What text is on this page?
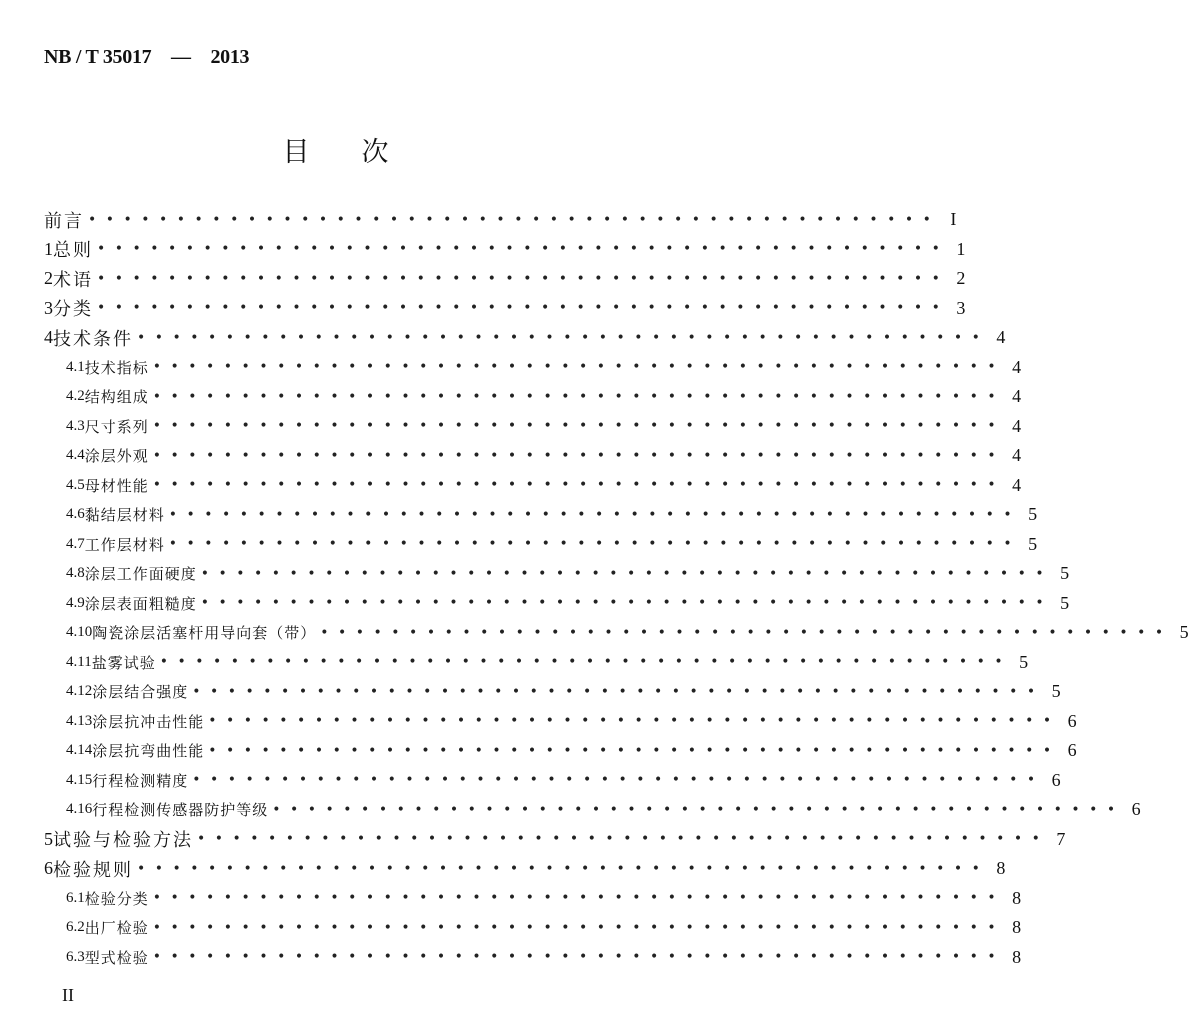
NB / T 35017　—　2013
目次
前言 •••••••••••••••••••••••••••••••••••••••••••••••• I
1 总则 •••••••••••••••••••••••••••••••••••••••••••••••• 1
2 术语 •••••••••••••••••••••••••••••••••••••••••••••••• 2
3 分类 •••••••••••••••••••••••••••••••••••••••••••••••• 3
4 技术条件 •••••••••••••••••••••••••••••••••••••••••••••••• 4
4.1 技术指标 •••••••••••••••••••••••••••••••••••••••••••••••• 4
4.2 结构组成 •••••••••••••••••••••••••••••••••••••••••••••••• 4
4.3 尺寸系列 •••••••••••••••••••••••••••••••••••••••••••••••• 4
4.4 涂层外观 •••••••••••••••••••••••••••••••••••••••••••••••• 4
4.5 母材性能 •••••••••••••••••••••••••••••••••••••••••••••••• 4
4.6 黏结层材料 •••••••••••••••••••••••••••••••••••••••••••••••• 5
4.7 工作层材料 •••••••••••••••••••••••••••••••••••••••••••••••• 5
4.8 涂层工作面硬度 •••••••••••••••••••••••••••••••••••••••••••••••• 5
4.9 涂层表面粗糙度 •••••••••••••••••••••••••••••••••••••••••••••••• 5
4.10 陶瓷涂层活塞杆用导向套（带） •••••••••••••••••••••••••••••••••••••••••••••••• 5
4.11 盐雾试验 •••••••••••••••••••••••••••••••••••••••••••••••• 5
4.12 涂层结合强度 •••••••••••••••••••••••••••••••••••••••••••••••• 5
4.13 涂层抗冲击性能 •••••••••••••••••••••••••••••••••••••••••••••••• 6
4.14 涂层抗弯曲性能 •••••••••••••••••••••••••••••••••••••••••••••••• 6
4.15 行程检测精度 •••••••••••••••••••••••••••••••••••••••••••••••• 6
4.16 行程检测传感器防护等级 •••••••••••••••••••••••••••••••••••••••••••••••• 6
5 试验与检验方法 •••••••••••••••••••••••••••••••••••••••••••••••• 7
6 检验规则 •••••••••••••••••••••••••••••••••••••••••••••••• 8
6.1 检验分类 •••••••••••••••••••••••••••••••••••••••••••••••• 8
6.2 出厂检验 •••••••••••••••••••••••••••••••••••••••••••••••• 8
6.3 型式检验 •••••••••••••••••••••••••••••••••••••••••••••••• 8
II
